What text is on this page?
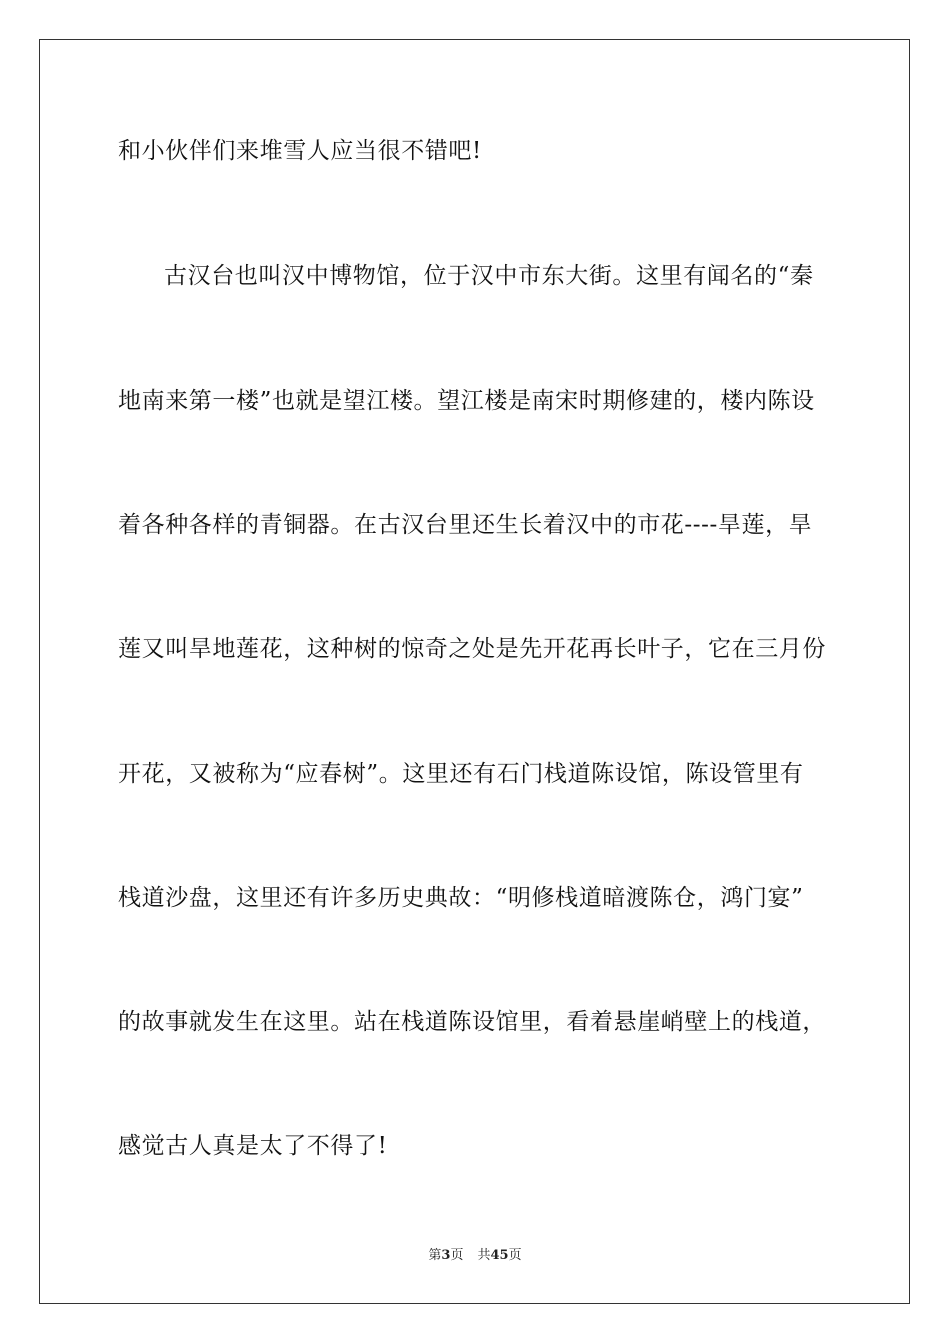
和小伙伴们来堆雪人应当很不错吧!
古汉台也叫汉中博物馆，位于汉中市东大街。这里有闻名的“秦
地南来第一楼”也就是望江楼。望江楼是南宋时期修建的，楼内陈设
着各种各样的青铜器。在古汉台里还生长着汉中的市花----旱莲，旱
莲又叫旱地莲花，这种树的惊奇之处是先开花再长叶子，它在三月份
开花，又被称为“应春树”。这里还有石门栈道陈设馆，陈设管里有
栈道沙盘，这里还有许多历史典故：“明修栈道暗渡陈仓，鸿门宴”
的故事就发生在这里。站在栈道陈设馆里，看着悬崖峭壁上的栈道，
感觉古人真是太了不得了!
第3页 共45页
